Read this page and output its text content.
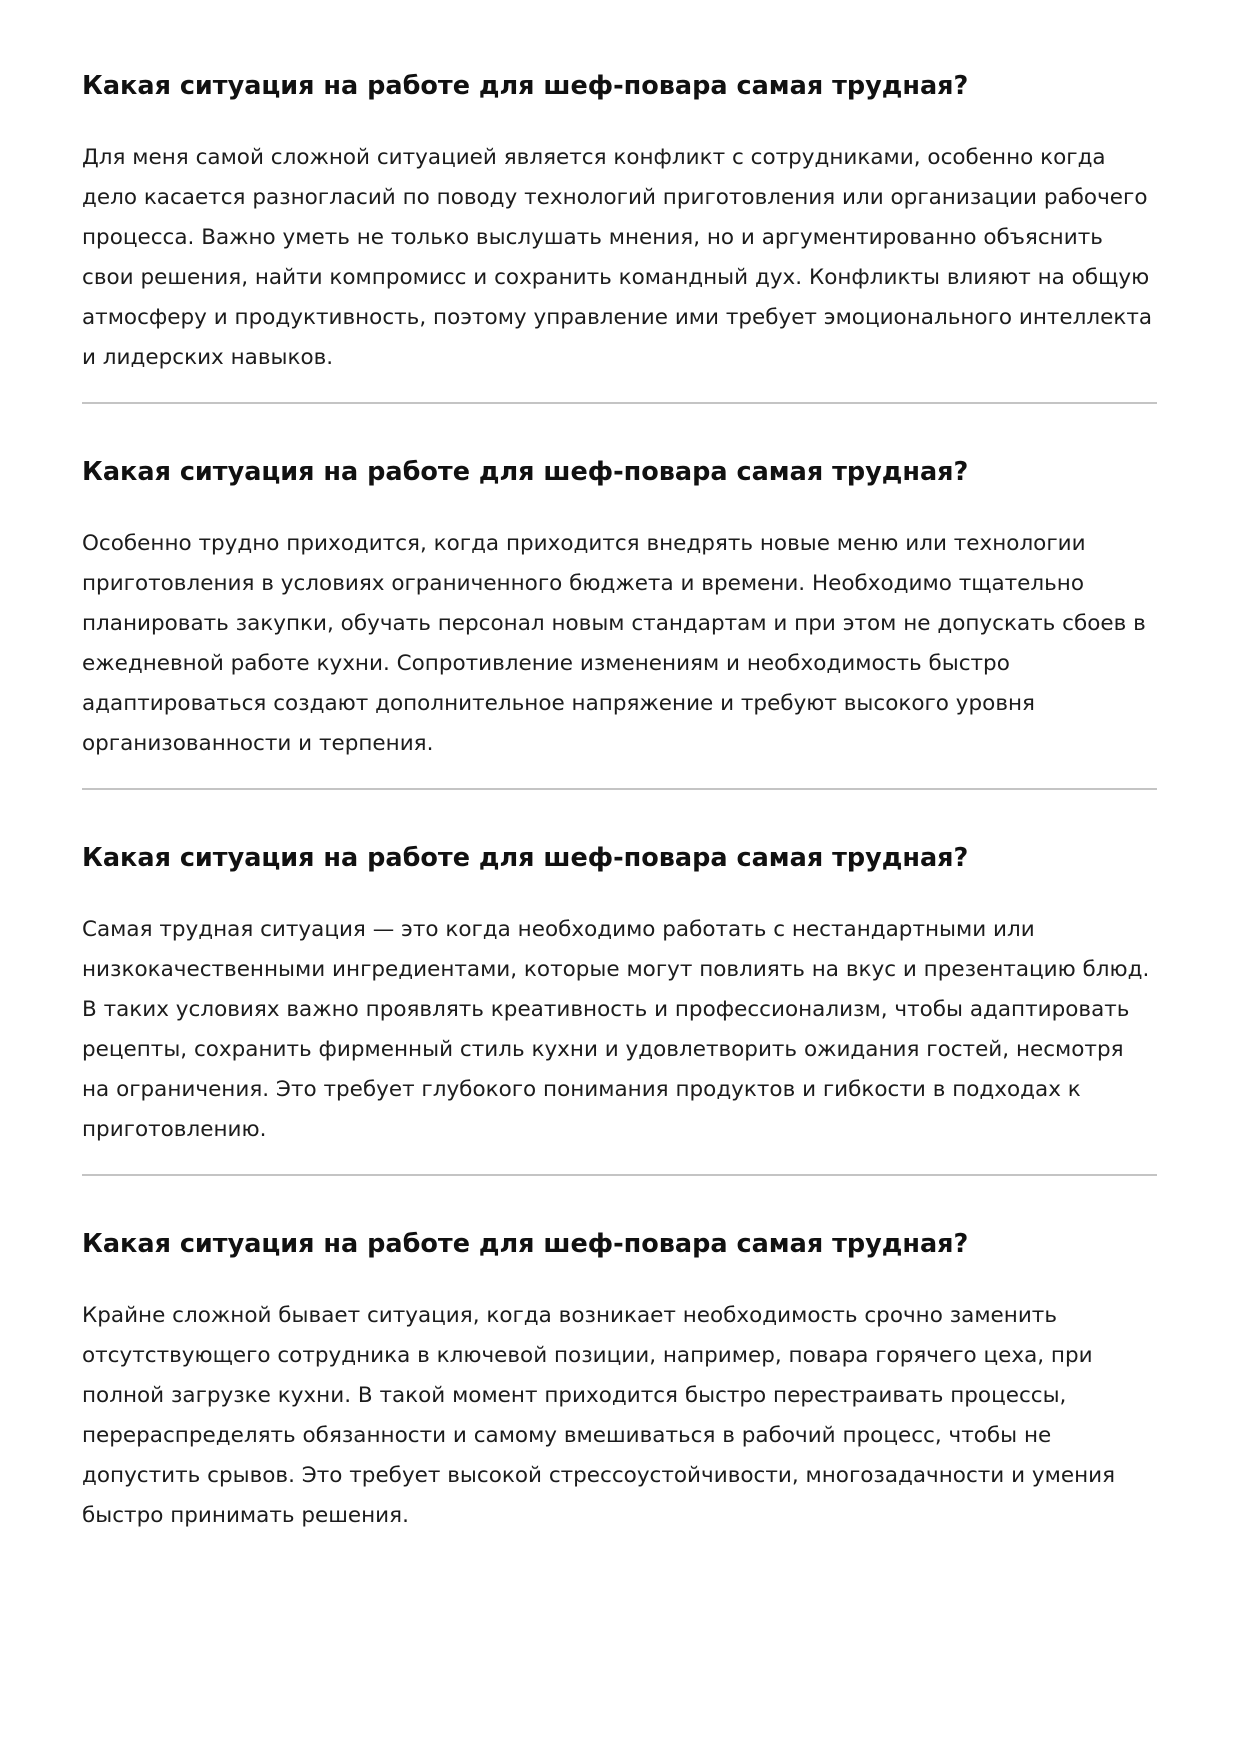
Какая ситуация на работе для шеф-повара самая трудная?

Для меня самой сложной ситуацией является конфликт с сотрудниками, особенно когда дело касается разногласий по поводу технологий приготовления или организации рабочего процесса. Важно уметь не только выслушать мнения, но и аргументированно объяснить свои решения, найти компромисс и сохранить командный дух. Конфликты влияют на общую атмосферу и продуктивность, поэтому управление ими требует эмоционального интеллекта и лидерских навыков.

Какая ситуация на работе для шеф-повара самая трудная?

Особенно трудно приходится, когда приходится внедрять новые меню или технологии приготовления в условиях ограниченного бюджета и времени. Необходимо тщательно планировать закупки, обучать персонал новым стандартам и при этом не допускать сбоев в ежедневной работе кухни. Сопротивление изменениям и необходимость быстро адаптироваться создают дополнительное напряжение и требуют высокого уровня организованности и терпения.

Какая ситуация на работе для шеф-повара самая трудная?

Самая трудная ситуация — это когда необходимо работать с нестандартными или низкокачественными ингредиентами, которые могут повлиять на вкус и презентацию блюд. В таких условиях важно проявлять креативность и профессионализм, чтобы адаптировать рецепты, сохранить фирменный стиль кухни и удовлетворить ожидания гостей, несмотря на ограничения. Это требует глубокого понимания продуктов и гибкости в подходах к приготовлению.

Какая ситуация на работе для шеф-повара самая трудная?

Крайне сложной бывает ситуация, когда возникает необходимость срочно заменить отсутствующего сотрудника в ключевой позиции, например, повара горячего цеха, при полной загрузке кухни. В такой момент приходится быстро перестраивать процессы, перераспределять обязанности и самому вмешиваться в рабочий процесс, чтобы не допустить срывов. Это требует высокой стрессоустойчивости, многозадачности и умения быстро принимать решения.
